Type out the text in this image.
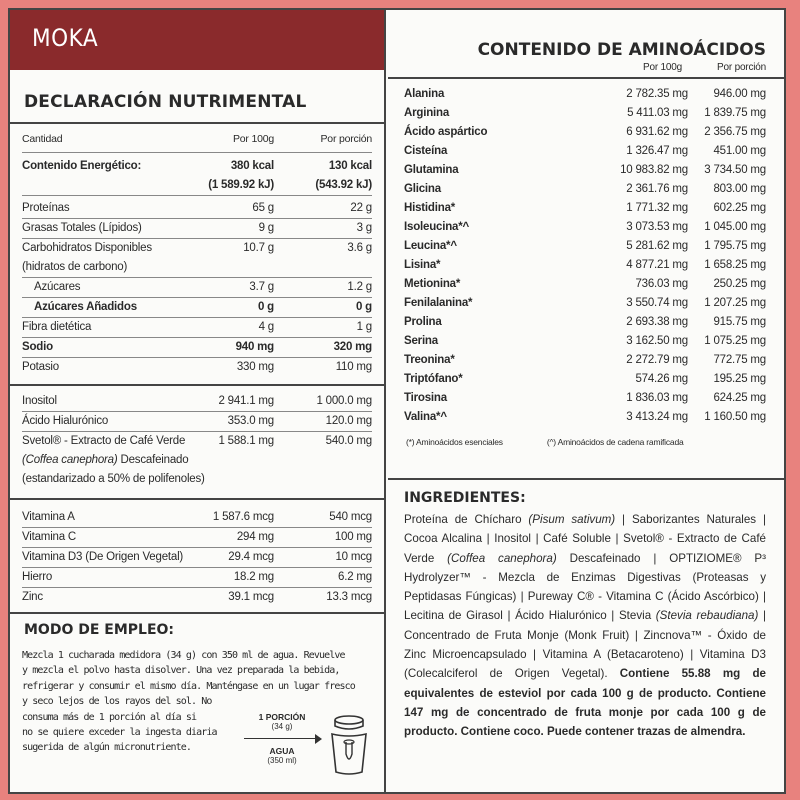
MOKA
DECLARACIÓN NUTRIMENTAL
Cantidad	Por 100g	Por porción
Contenido Energético:	380 kcal	130 kcal
(1 589.92 kJ)	(543.92 kJ)
Proteínas	65 g	22 g
Grasas Totales (Lípidos)	9 g	3 g
Carbohidratos Disponibles	10.7 g	3.6 g
(hidratos de carbono)
Azúcares	3.7 g	1.2 g
Azúcares Añadidos	0 g	0 g
Fibra dietética	4 g	1 g
Sodio	940 mg	320 mg
Potasio	330 mg	110 mg
Inositol	2 941.1 mg	1 000.0 mg
Ácido Hialurónico	353.0 mg	120.0 mg
Svetol® - Extracto de Café Verde	1 588.1 mg	540.0 mg
(Coffea canephora) Descafeinado
(estandarizado a 50% de polifenoles)
Vitamina A	1 587.6 mcg	540 mcg
Vitamina C	294 mg	100 mg
Vitamina D3 (De Origen Vegetal)	29.4 mcg	10 mcg
Hierro	18.2 mg	6.2 mg
Zinc	39.1 mcg	13.3 mcg
MODO DE EMPLEO:
Mezcla 1 cucharada medidora (34 g) con 350 ml de agua. Revuelve
y mezcla el polvo hasta disolver. Una vez preparada la bebida,
refrigerar y consumir el mismo día. Manténgase en un lugar fresco
y seco lejos de los rayos del sol. No
consuma más de 1 porción al día si
no se quiere exceder la ingesta diaria
sugerida de algún micronutriente.
1 PORCIÓN
(34 g)
AGUA
(350 ml)
CONTENIDO DE AMINOÁCIDOS
Por 100g	Por porción
Alanina	2 782.35 mg	946.00 mg
Arginina	5 411.03 mg	1 839.75 mg
Ácido aspártico	6 931.62 mg	2 356.75 mg
Cisteína	1 326.47 mg	451.00 mg
Glutamina	10 983.82 mg	3 734.50 mg
Glicina	2 361.76 mg	803.00 mg
Histidina*	1 771.32 mg	602.25 mg
Isoleucina*^	3 073.53 mg	1 045.00 mg
Leucina*^	5 281.62 mg	1 795.75 mg
Lisina*	4 877.21 mg	1 658.25 mg
Metionina*	736.03 mg	250.25 mg
Fenilalanina*	3 550.74 mg	1 207.25 mg
Prolina	2 693.38 mg	915.75 mg
Serina	3 162.50 mg	1 075.25 mg
Treonina*	2 272.79 mg	772.75 mg
Triptófano*	574.26 mg	195.25 mg
Tirosina	1 836.03 mg	624.25 mg
Valina*^	3 413.24 mg	1 160.50 mg
(*) Aminoácidos esenciales	(^) Aminoácidos de cadena ramificada
INGREDIENTES:
Proteína de Chícharo (Pisum sativum) | Saborizantes Naturales | Cocoa Alcalina | Inositol | Café Soluble | Svetol® - Extracto de Café Verde (Coffea canephora) Descafeinado | OPTIZIOME® P³ Hydrolyzer™ - Mezcla de Enzimas Digestivas (Proteasas y Peptidasas Fúngicas) | Pureway C® - Vitamina C (Ácido Ascórbico) | Lecitina de Girasol | Ácido Hialurónico | Stevia (Stevia rebaudiana) | Concentrado de Fruta Monje (Monk Fruit) | Zincnova™ - Óxido de Zinc Microencapsulado | Vitamina A (Betacaroteno) | Vitamina D3 (Colecalciferol de Origen Vegetal). Contiene 55.88 mg de equivalentes de esteviol por cada 100 g de producto. Contiene 147 mg de concentrado de fruta monje por cada 100 g de producto. Contiene coco. Puede contener trazas de almendra.
